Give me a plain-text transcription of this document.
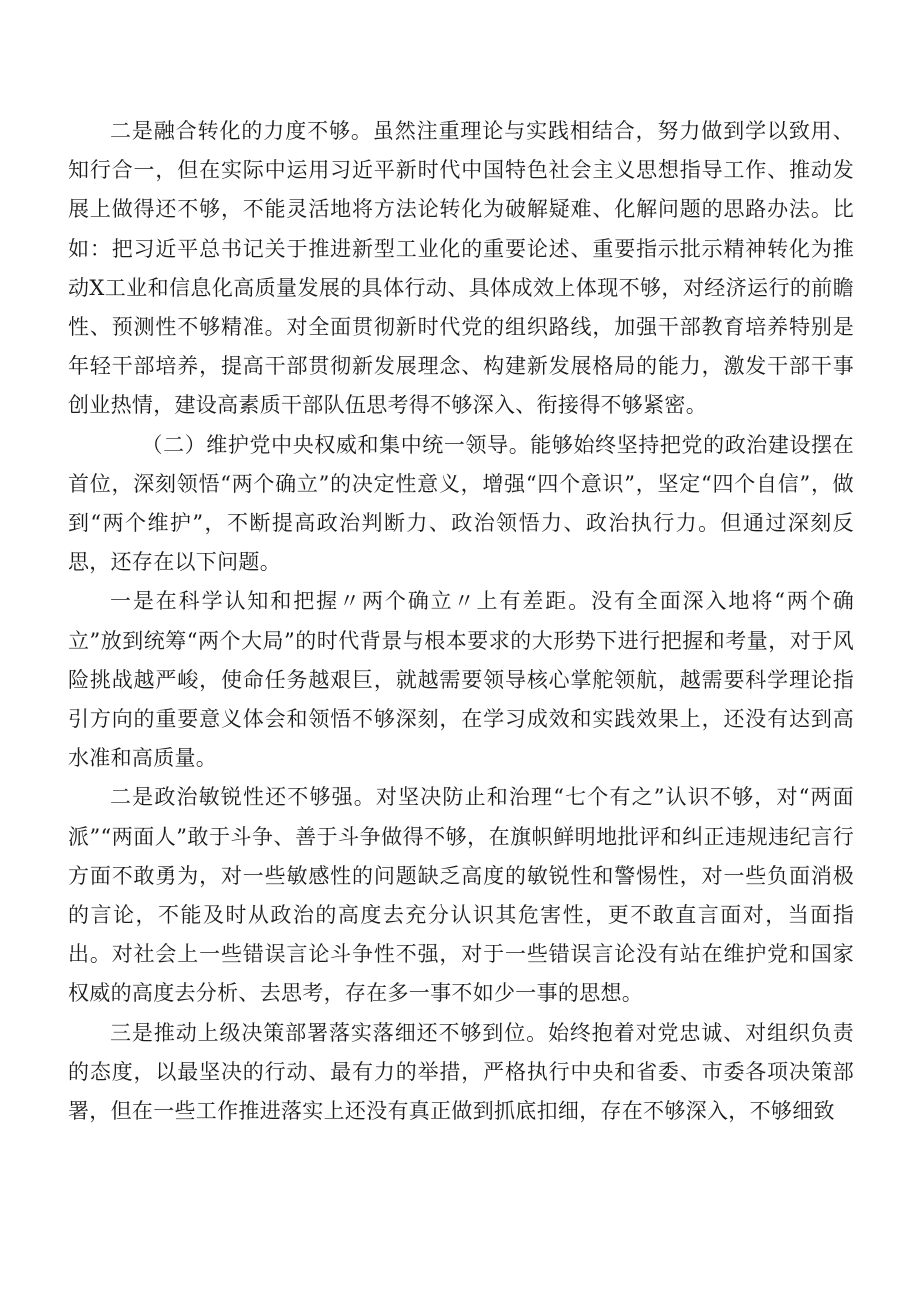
二是融合转化的力度不够。虽然注重理论与实践相结合，努力做到学以致用、知行合一，但在实际中运用习近平新时代中国特色社会主义思想指导工作、推动发展上做得还不够，不能灵活地将方法论转化为破解疑难、化解问题的思路办法。比如：把习近平总书记关于推进新型工业化的重要论述、重要指示批示精神转化为推动X工业和信息化高质量发展的具体行动、具体成效上体现不够，对经济运行的前瞻性、预测性不够精准。对全面贯彻新时代党的组织路线，加强干部教育培养特别是年轻干部培养，提高干部贯彻新发展理念、构建新发展格局的能力，激发干部干事创业热情，建设高素质干部队伍思考得不够深入、衔接得不够紧密。

（二）维护党中央权威和集中统一领导。能够始终坚持把党的政治建设摆在首位，深刻领悟“两个确立”的决定性意义，增强“四个意识”，坚定“四个自信”，做到“两个维护”，不断提高政治判断力、政治领悟力、政治执行力。但通过深刻反思，还存在以下问题。

一是在科学认知和把握〃两个确立〃上有差距。没有全面深入地将“两个确立”放到统筹“两个大局”的时代背景与根本要求的大形势下进行把握和考量，对于风险挑战越严峻，使命任务越艰巨，就越需要领导核心掌舵领航，越需要科学理论指引方向的重要意义体会和领悟不够深刻，在学习成效和实践效果上，还没有达到高水准和高质量。

二是政治敏锐性还不够强。对坚决防止和治理“七个有之”认识不够，对“两面派”“两面人”敢于斗争、善于斗争做得不够，在旗帜鲜明地批评和纠正违规违纪言行方面不敢勇为，对一些敏感性的问题缺乏高度的敏锐性和警惕性，对一些负面消极的言论，不能及时从政治的高度去充分认识其危害性，更不敢直言面对，当面指出。对社会上一些错误言论斗争性不强，对于一些错误言论没有站在维护党和国家权威的高度去分析、去思考，存在多一事不如少一事的思想。

三是推动上级决策部署落实落细还不够到位。始终抱着对党忠诚、对组织负责的态度，以最坚决的行动、最有力的举措，严格执行中央和省委、市委各项决策部署，但在一些工作推进落实上还没有真正做到抓底扣细，存在不够深入，不够细致
